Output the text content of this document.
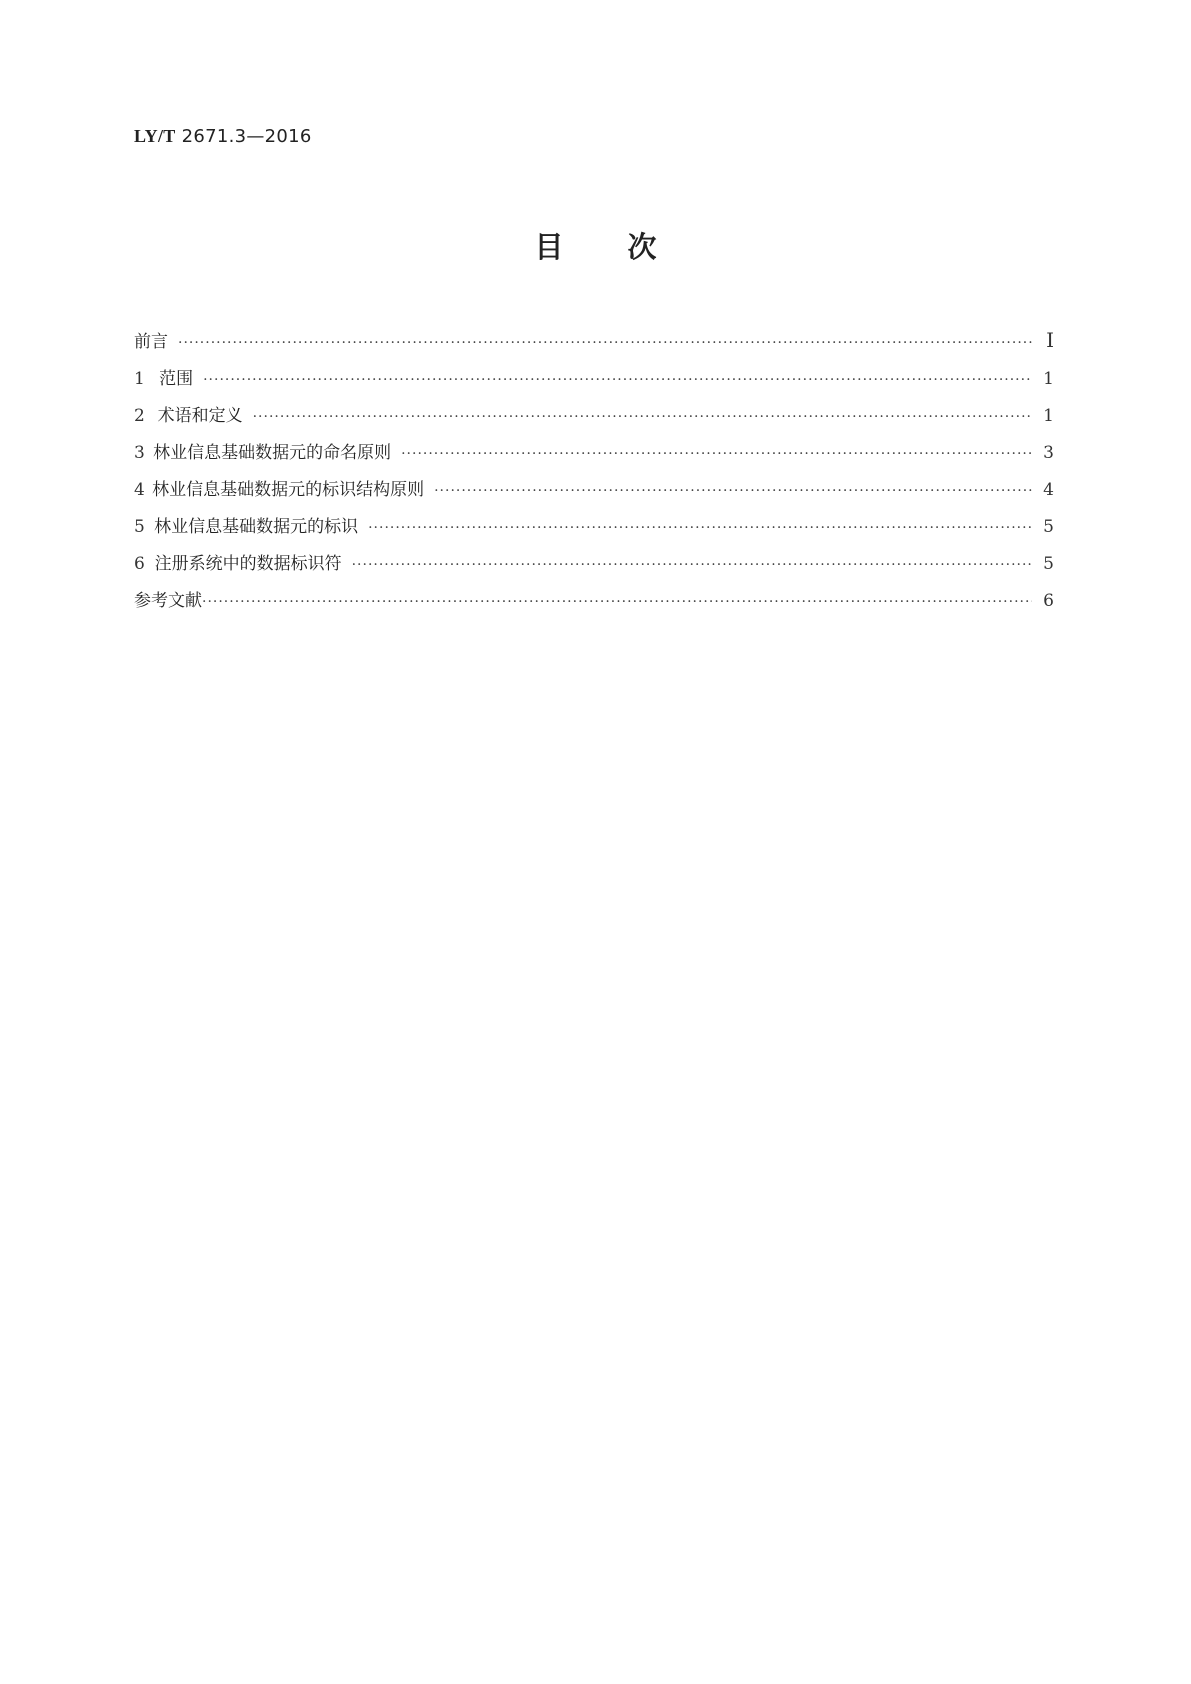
LY/T 2671.3—2016
目 次
前言 ·····	Ⅰ
1 范围 ·····	1
2 术语和定义 ·····	1
3 林业信息基础数据元的命名原则 ·····	3
4 林业信息基础数据元的标识结构原则 ·····	4
5 林业信息基础数据元的标识 ·····	5
6 注册系统中的数据标识符 ·····	5
参考文献 ·····	6
